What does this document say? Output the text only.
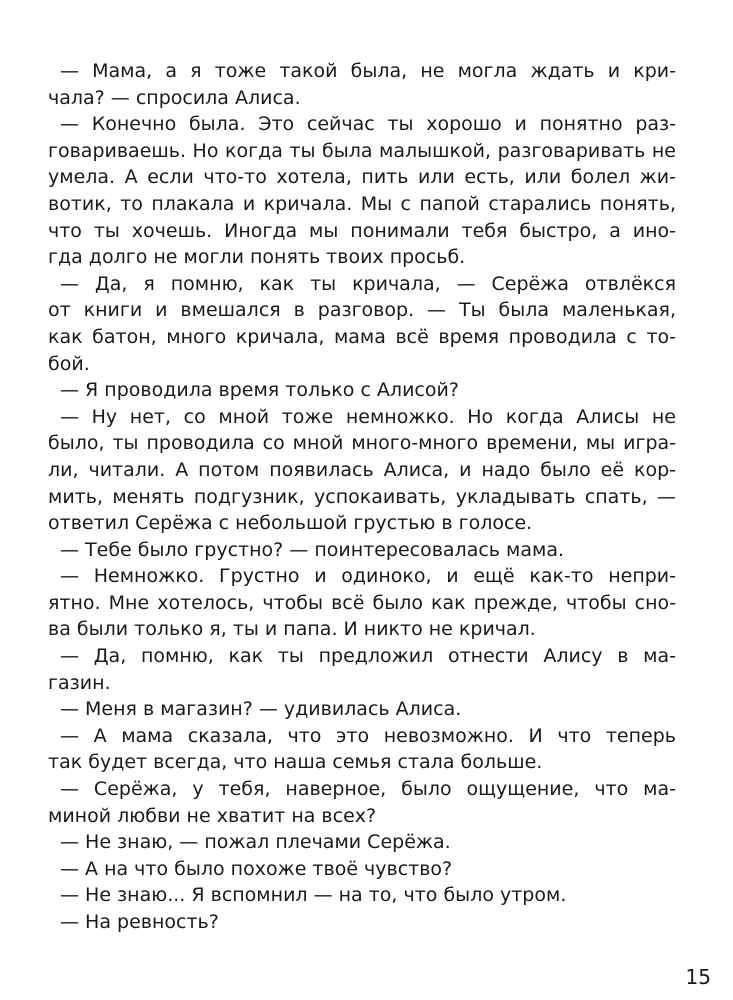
— Мама, а я тоже такой была, не могла ждать и кри-
чала? — спросила Алиса.
— Конечно была. Это сейчас ты хорошо и понятно раз-
говариваешь. Но когда ты была малышкой, разговаривать не
умела. А если что-то хотела, пить или есть, или болел жи-
вотик, то плакала и кричала. Мы с папой старались понять,
что ты хочешь. Иногда мы понимали тебя быстро, а ино-
гда долго не могли понять твоих просьб.
— Да, я помню, как ты кричала, — Серёжа отвлёкся
от книги и вмешался в разговор. — Ты была маленькая,
как батон, много кричала, мама всё время проводила с то-
бой.
— Я проводила время только с Алисой?
— Ну нет, со мной тоже немножко. Но когда Алисы не
было, ты проводила со мной много-много времени, мы игра-
ли, читали. А потом появилась Алиса, и надо было её кор-
мить, менять подгузник, успокаивать, укладывать спать, —
ответил Серёжа с небольшой грустью в голосе.
— Тебе было грустно? — поинтересовалась мама.
— Немножко. Грустно и одиноко, и ещё как-то непри-
ятно. Мне хотелось, чтобы всё было как прежде, чтобы сно-
ва были только я, ты и папа. И никто не кричал.
— Да, помню, как ты предложил отнести Алису в ма-
газин.
— Меня в магазин? — удивилась Алиса.
— А мама сказала, что это невозможно. И что теперь
так будет всегда, что наша семья стала больше.
— Серёжа, у тебя, наверное, было ощущение, что ма-
миной любви не хватит на всех?
— Не знаю, — пожал плечами Серёжа.
— А на что было похоже твоё чувство?
— Не знаю... Я вспомнил — на то, что было утром.
— На ревность?
15
